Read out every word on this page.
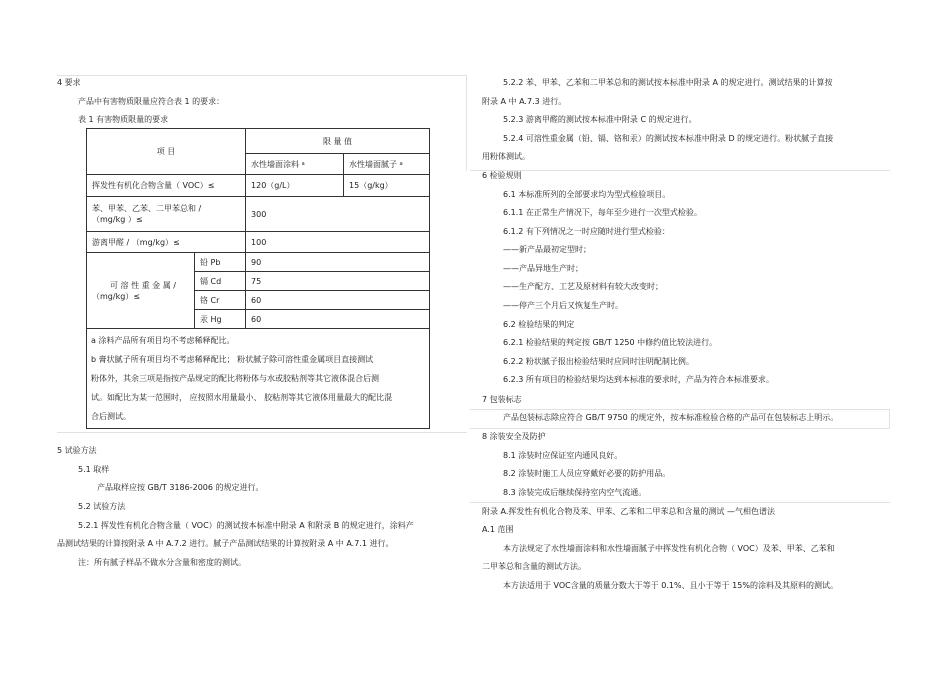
4 要求
产品中有害物质限量应符合表 1 的要求：
表 1 有害物质限量的要求
项 目		限 量 值	
		水性墙面涂料 $^a$	水性墙面腻子 $^a$
挥发性有机化合物含量（ VOC）≤		120（g/L）	15（g/kg）

苯、甲苯、乙苯、二甲苯总和 /
（mg/kg ）≤		300	
游离甲醛 / （mg/kg）≤		100	

可 溶 性 重 金 属 /
（mg/kg）≤	铅 Pb	90	
	镉 Cd	75	
	铬 Cr	60	
	汞 Hg	60	

a 涂料产品所有项目均不考虑稀释配比。
b 膏状腻子所有项目均不考虑稀释配比； 粉状腻子除可溶性重金属项目直接测试
粉体外，其余三项是指按产品规定的配比将粉体与水或胶粘剂等其它液体混合后测
试。如配比为某一范围时， 应按照水用量最小、 胶粘剂等其它液体用量最大的配比混
合后测试。			
5 试验方法
5.1 取样
产品取样应按 GB/T 3186-2006 的规定进行。
5.2 试验方法
5.2.1 挥发性有机化合物含量（ VOC）的测试按本标准中附录 A 和附录 B 的规定进行，涂料产
品测试结果的计算按附录 A 中 A.7.2 进行。腻子产品测试结果的计算按附录 A 中 A.7.1 进行。
注：所有腻子样品不做水分含量和密度的测试。
5.2.2 苯、甲苯、乙苯和二甲苯总和的测试按本标准中附录 A 的规定进行。测试结果的计算按
附录 A 中 A.7.3 进行。
5.2.3 游离甲醛的测试按本标准中附录 C 的规定进行。
5.2.4 可溶性重金属（铅、镉、铬和汞）的测试按本标准中附录 D 的规定进行。粉状腻子直接
用粉体测试。
6 检验规则
6.1 本标准所列的全部要求均为型式检验项目。
6.1.1 在正常生产情况下，每年至少进行一次型式检验。
6.1.2 有下列情况之一时应随时进行型式检验：
——新产品最初定型时；
——产品异地生产时；
——生产配方、工艺及原材料有较大改变时；
——停产三个月后又恢复生产时。
6.2 检验结果的判定
6.2.1 检验结果的判定按 GB/T 1250 中修约值比较法进行。
6.2.2 粉状腻子报出检验结果时应同时注明配制比例。
6.2.3 所有项目的检验结果均达到本标准的要求时，产品为符合本标准要求。
7 包装标志
产品包装标志除应符合 GB/T 9750 的规定外，按本标准检验合格的产品可在包装标志上明示。
8 涂装安全及防护
8.1 涂装时应保证室内通风良好。
8.2 涂装时施工人员应穿戴好必要的防护用品。
8.3 涂装完成后继续保持室内空气流通。
附录 A.挥发性有机化合物及苯、甲苯、乙苯和二甲苯总和含量的测试 —气相色谱法
A.1 范围
本方法规定了水性墙面涂料和水性墙面腻子中挥发性有机化合物（ VOC）及苯、甲苯、乙苯和
二甲苯总和含量的测试方法。
本方法适用于 VOC含量的质量分数大于等于 0.1%、且小于等于 15%的涂料及其原料的测试。
